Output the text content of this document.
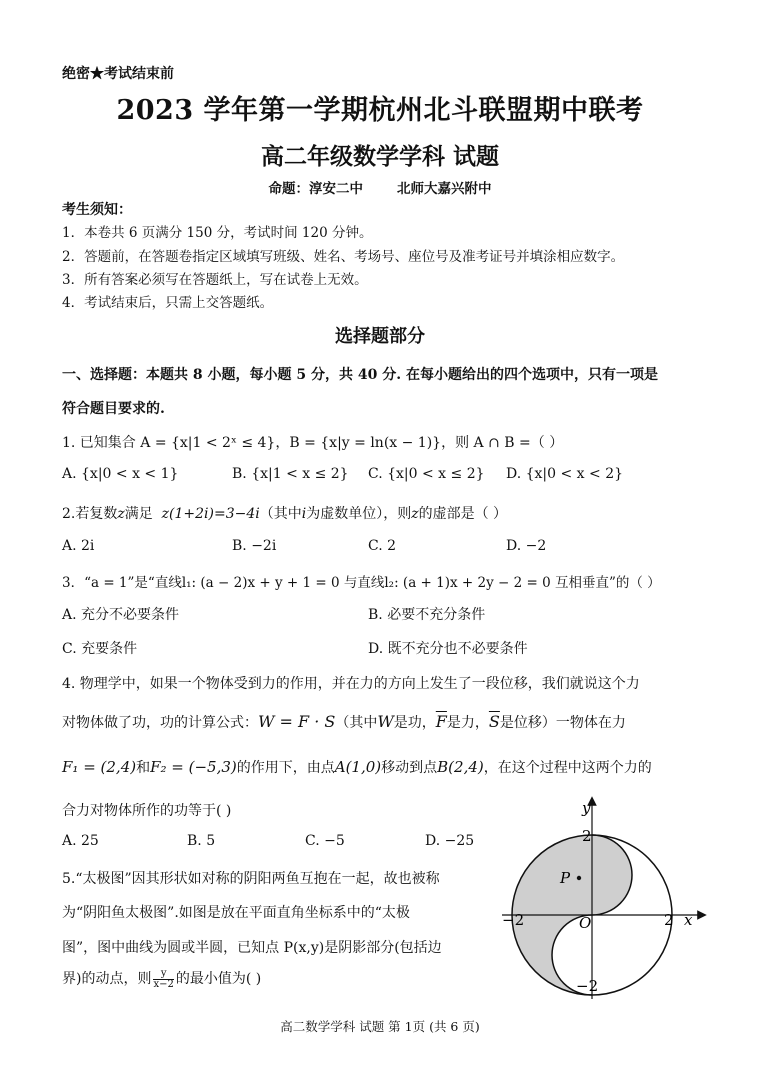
绝密★考试结束前
2023 学年第一学期杭州北斗联盟期中联考
高二年级数学学科 试题
命题：淳安二中	北师大嘉兴附中
考生须知：
1．本卷共 6 页满分 150 分，考试时间 120 分钟。
2．答题前，在答题卷指定区域填写班级、姓名、考场号、座位号及准考证号并填涂相应数字。
3．所有答案必须写在答题纸上，写在试卷上无效。
4．考试结束后，只需上交答题纸。
选择题部分
一、选择题：本题共 8 小题，每小题 5 分，共 40 分. 在每小题给出的四个选项中，只有一项是
符合题目要求的.
1. 已知集合 A = {x|1 < 2ˣ ≤ 4}，B = {x|y = ln(x − 1)}，则 A ∩ B =（ ）
A. {x|0 < x < 1}	B. {x|1 < x ≤ 2} C. {x|0 < x ≤ 2} D. {x|0 < x < 2}
2.若复数z满足 z(1+2i)=3−4i（其中i为虚数单位），则z的虚部是（ ）
A. 2i	B. −2i	C. 2	D. −2
3．“a = 1”是“直线l₁: (a − 2)x + y + 1 = 0 与直线l₂: (a + 1)x + 2y − 2 = 0 互相垂直”的（ ）
A. 充分不必要条件	B. 必要不充分条件
C. 充要条件	D. 既不充分也不必要条件
4. 物理学中，如果一个物体受到力的作用，并在力的方向上发生了一段位移，我们就说这个力
对物体做了功，功的计算公式：W = F · S（其中W是功，$\overline{F}$是力，$\overline{S}$是位移）一物体在力
F₁ = (2,4)和F₂ = (−5,3)的作用下，由点A(1,0)移动到点B(2,4)，在这个过程中这两个力的
合力对物体所作的功等于( )
A. 25	B. 5	C. −5	D. −25
5.“太极图”因其形状如对称的阴阳两鱼互抱在一起，故也被称
为“阴阳鱼太极图”.如图是放在平面直角坐标系中的“太极
图”，图中曲线为圆或半圆，已知点 P(x,y)是阴影部分(包括边
界)的动点，则 $\frac{y}{x-2}$ 的最小值为( )
P
y
x
O
2
−2
−2	2
高二数学学科 试题 第 1页 (共 6 页)
